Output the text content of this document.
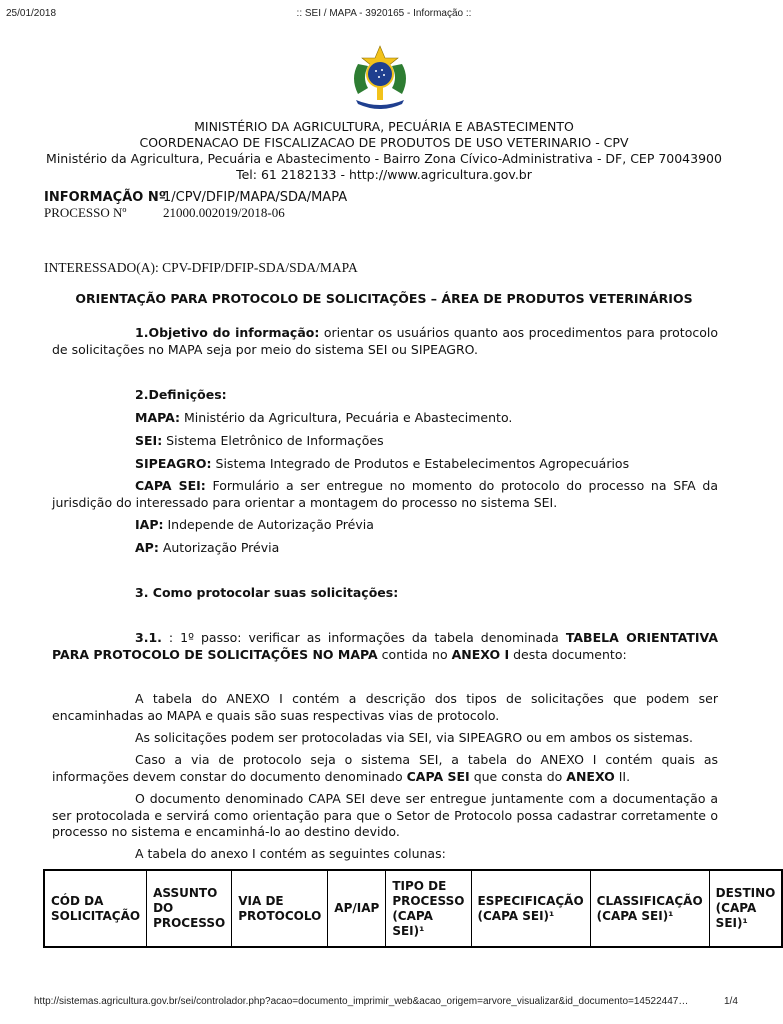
25/01/2018	:: SEI / MAPA - 3920165 - Informação ::
MINISTÉRIO DA AGRICULTURA, PECUÁRIA E ABASTECIMENTO
COORDENACAO DE FISCALIZACAO DE PRODUTOS DE USO VETERINARIO - CPV
Ministério da Agricultura, Pecuária e Abastecimento - Bairro Zona Cívico-Administrativa - DF, CEP 70043900
Tel: 61 2182133 - http://www.agricultura.gov.br
INFORMAÇÃO Nº
1/CPV/DFIP/MAPA/SDA/MAPA
PROCESSO Nº	21000.002019/2018-06
INTERESSADO(A): CPV-DFIP/DFIP-SDA/SDA/MAPA
ORIENTAÇÃO PARA PROTOCOLO DE SOLICITAÇÕES – ÁREA DE PRODUTOS VETERINÁRIOS
1.Objetivo do informação: orientar os usuários quanto aos procedimentos para protocolo de solicitações no MAPA seja por meio do sistema SEI ou SIPEAGRO.
2.Definições:
MAPA: Ministério da Agricultura, Pecuária e Abastecimento.
SEI: Sistema Eletrônico de Informações
SIPEAGRO: Sistema Integrado de Produtos e Estabelecimentos Agropecuários
CAPA SEI: Formulário a ser entregue no momento do protocolo do processo na SFA da jurisdição do interessado para orientar a montagem do processo no sistema SEI.
IAP: Independe de Autorização Prévia
AP: Autorização Prévia
3. Como protocolar suas solicitações:
3.1. : 1º passo: verificar as informações da tabela denominada TABELA ORIENTATIVA PARA PROTOCOLO DE SOLICITAÇÕES NO MAPA contida no ANEXO I desta documento:
A tabela do ANEXO I contém a descrição dos tipos de solicitações que podem ser encaminhadas ao MAPA e quais são suas respectivas vias de protocolo.
As solicitações podem ser protocoladas via SEI, via SIPEAGRO ou em ambos os sistemas.
Caso a via de protocolo seja o sistema SEI, a tabela do ANEXO I contém quais as informações devem constar do documento denominado CAPA SEI que consta do ANEXO II.
O documento denominado CAPA SEI deve ser entregue juntamente com a documentação a ser protocolada e servirá como orientação para que o Setor de Protocolo possa cadastrar corretamente o processo no sistema e encaminhá-lo ao destino devido.
A tabela do anexo I contém as seguintes colunas:
CÓD DA SOLICITAÇÃO	ASSUNTO DO PROCESSO	VIA DE PROTOCOLO	AP/IAP	TIPO DE PROCESSO (CAPA SEI)¹	ESPECIFICAÇÃO (CAPA SEI)¹	CLASSIFICAÇÃO (CAPA SEI)¹	DESTINO (CAPA SEI)¹
http://sistemas.agricultura.gov.br/sei/controlador.php?acao=documento_imprimir_web&acao_origem=arvore_visualizar&id_documento=14522447…	1/4
